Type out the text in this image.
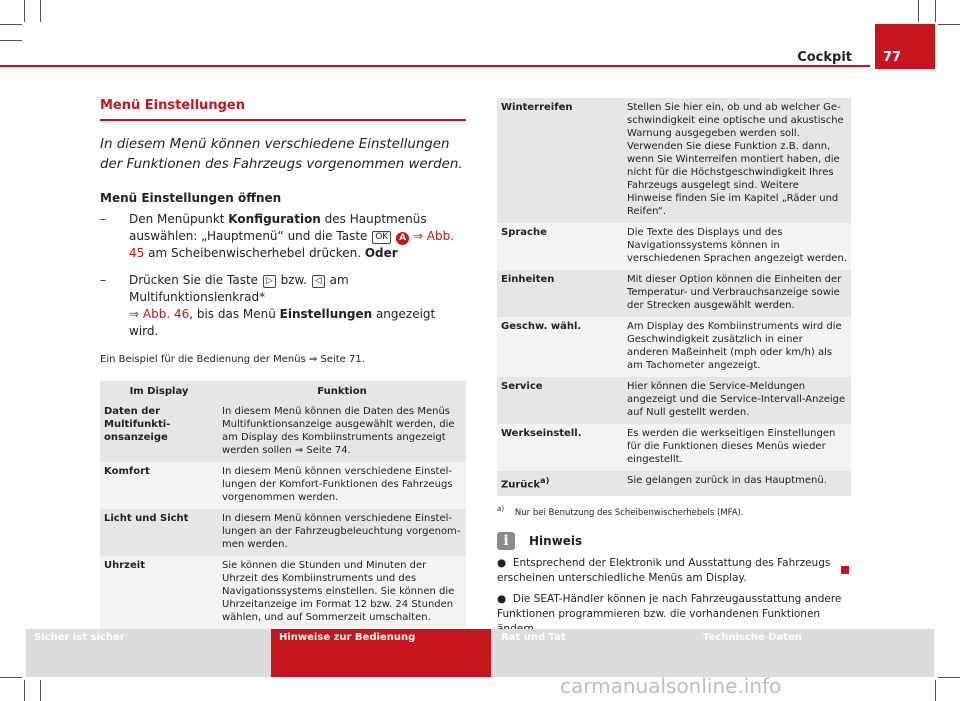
Cockpit	77
Menü Einstellungen
In diesem Menü können verschiedene Einstellungen der Funktionen des Fahrzeugs vorgenommen werden.
Menü Einstellungen öffnen
– Den Menüpunkt Konfiguration des Hauptmenüs auswählen: „Hauptmenü“ und die Taste OK A ⇒ Abb. 45 am Scheibenwischerhebel drücken. Oder
– Drücken Sie die Taste ▷ bzw. ◁ am Multifunktionslenkrad*
⇒ Abb. 46, bis das Menü Einstellungen angezeigt wird.
Ein Beispiel für die Bedienung der Menüs ⇒ Seite 71.
Im Display	Funktion
Daten der Multifunktionsanzeige	In diesem Menü können die Daten des Menüs Multifunktionsanzeige ausgewählt werden, die am Display des Kombiinstruments angezeigt werden sollen ⇒ Seite 74.
Komfort	In diesem Menü können verschiedene Einstellungen der Komfort-Funktionen des Fahrzeugs vorgenommen werden.
Licht und Sicht	In diesem Menü können verschiedene Einstellungen an der Fahrzeugbeleuchtung vorgenommen werden.
Uhrzeit	Sie können die Stunden und Minuten der Uhrzeit des Kombiinstruments und des Navigationssystems einstellen. Sie können die Uhrzeitanzeige im Format 12 bzw. 24 Stunden wählen, und auf Sommerzeit umschalten.
Winterreifen	Stellen Sie hier ein, ob und ab welcher Geschwindigkeit eine optische und akustische Warnung ausgegeben werden soll. Verwenden Sie diese Funktion z.B. dann, wenn Sie Winterreifen montiert haben, die nicht für die Höchstgeschwindigkeit Ihres Fahrzeugs ausgelegt sind. Weitere Hinweise finden Sie im Kapitel „Räder und Reifen“.
Sprache	Die Texte des Displays und des Navigationssystems können in verschiedenen Sprachen angezeigt werden.
Einheiten	Mit dieser Option können die Einheiten der Temperatur- und Verbrauchsanzeige sowie der Strecken ausgewählt werden.
Geschw. wähl.	Am Display des Kombiinstruments wird die Geschwindigkeit zusätzlich in einer anderen Maßeinheit (mph oder km/h) als am Tachometer angezeigt.
Service	Hier können die Service-Meldungen angezeigt und die Service-Intervall-Anzeige auf Null gestellt werden.
Werkseinstell.	Es werden die werkseitigen Einstellungen für die Funktionen dieses Menüs wieder eingestellt.
Zurück$^{a)}$	Sie gelangen zurück in das Hauptmenü.
$^{a)}$ Nur bei Benutzung des Scheibenwischerhebels (MFA).
i	Hinweis
● Entsprechend der Elektronik und Ausstattung des Fahrzeugs erscheinen unterschiedliche Menüs am Display.
● Die SEAT-Händler können je nach Fahrzeugausstattung andere Funktionen programmieren bzw. die vorhandenen Funktionen

Sicher ist sicher	Hinweise zur Bedienung	Rat und Tat	Technische Daten
carmanualsonline.info
